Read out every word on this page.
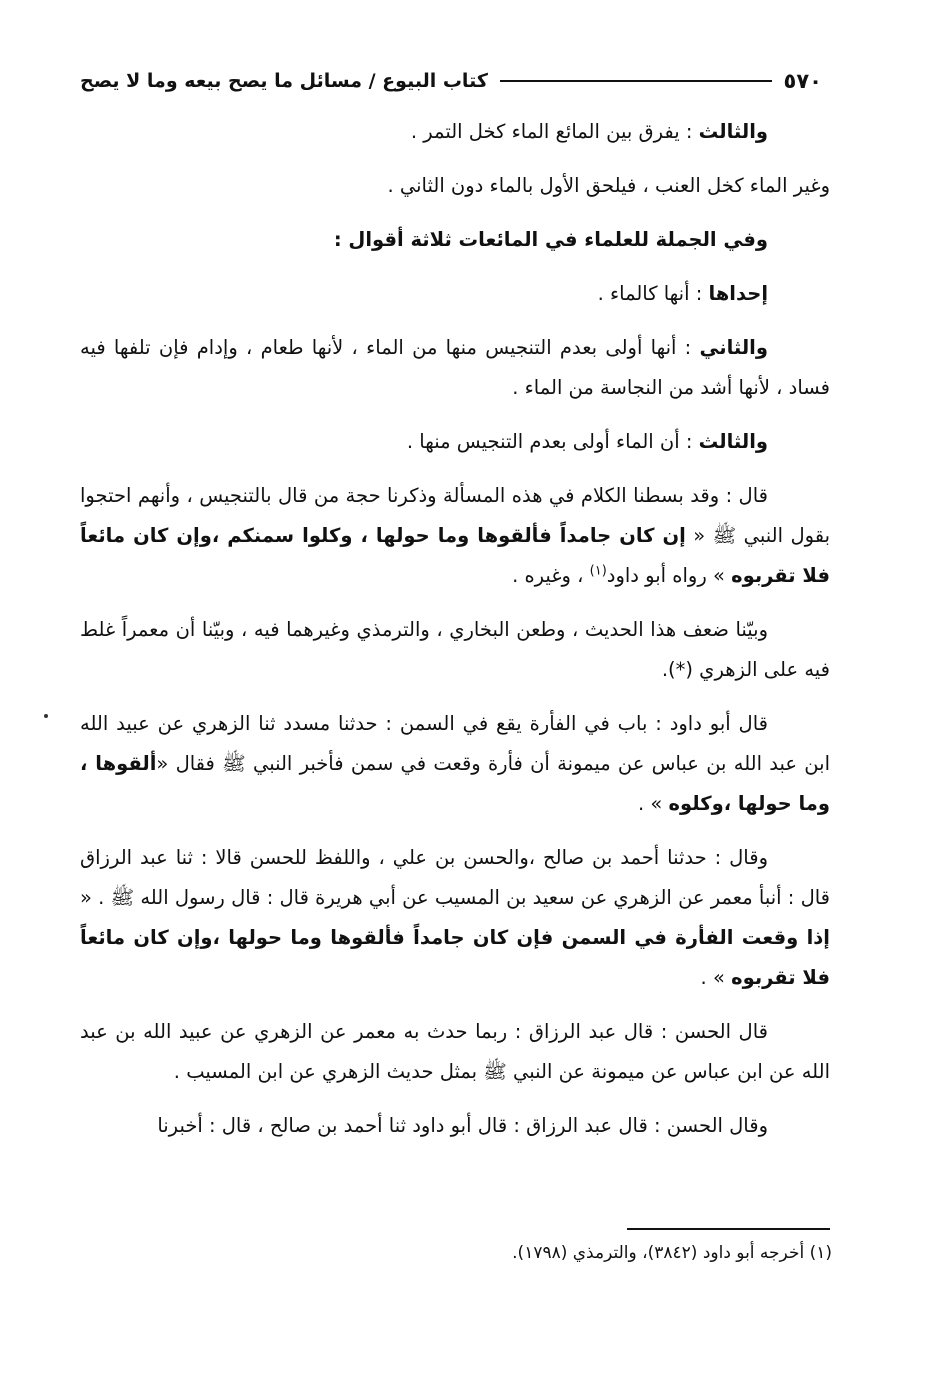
٥٧٠
كتاب البيوع / مسائل ما يصح بيعه وما لا يصح

والثالث : يفرق بين المائع الماء كخل التمر .

وغير الماء كخل العنب ، فيلحق الأول بالماء دون الثاني .

وفي الجملة للعلماء في المائعات ثلاثة أقوال :

إحداها : أنها كالماء .

والثاني : أنها أولى بعدم التنجيس منها من الماء ، لأنها طعام ، وإدام فإن تلفها فيه فساد ، لأنها أشد من النجاسة من الماء .

والثالث : أن الماء أولى بعدم التنجيس منها .

قال : وقد بسطنا الكلام في هذه المسألة وذكرنا حجة من قال بالتنجيس ، وأنهم احتجوا بقول النبي ﷺ « إن كان جامداً فألقوها وما حولها ، وكلوا سمنكم ،وإن كان مائعاً فلا تقربوه » رواه أبو داود$^{(١)}$ ، وغيره .

وبيّنا ضعف هذا الحديث ، وطعن البخاري ، والترمذي وغيرهما فيه ، وبيّنا أن معمراً غلط فيه على الزهري (*).

قال أبو داود : باب في الفأرة يقع في السمن : حدثنا مسدد ثنا الزهري عن عبيد الله ابن عبد الله بن عباس عن ميمونة أن فأرة وقعت في سمن فأخبر النبي ﷺ فقال «ألقوها ، وما حولها ،وكلوه » .

وقال : حدثنا أحمد بن صالح ،والحسن بن علي ، واللفظ للحسن قالا : ثنا عبد الرزاق قال : أنبأ معمر عن الزهري عن سعيد بن المسيب عن أبي هريرة قال : قال رسول الله ﷺ . « إذا وقعت الفأرة في السمن فإن كان جامداً فألقوها وما حولها ،وإن كان مائعاً فلا تقربوه » .

قال الحسن : قال عبد الرزاق : ربما حدث به معمر عن الزهري عن عبيد الله بن عبد الله عن ابن عباس عن ميمونة عن النبي ﷺ بمثل حديث الزهري عن ابن المسيب .

وقال الحسن : قال عبد الرزاق : قال أبو داود ثنا أحمد بن صالح ، قال : أخبرنا

(١) أخرجه أبو داود (٣٨٤٢)، والترمذي (١٧٩٨).
